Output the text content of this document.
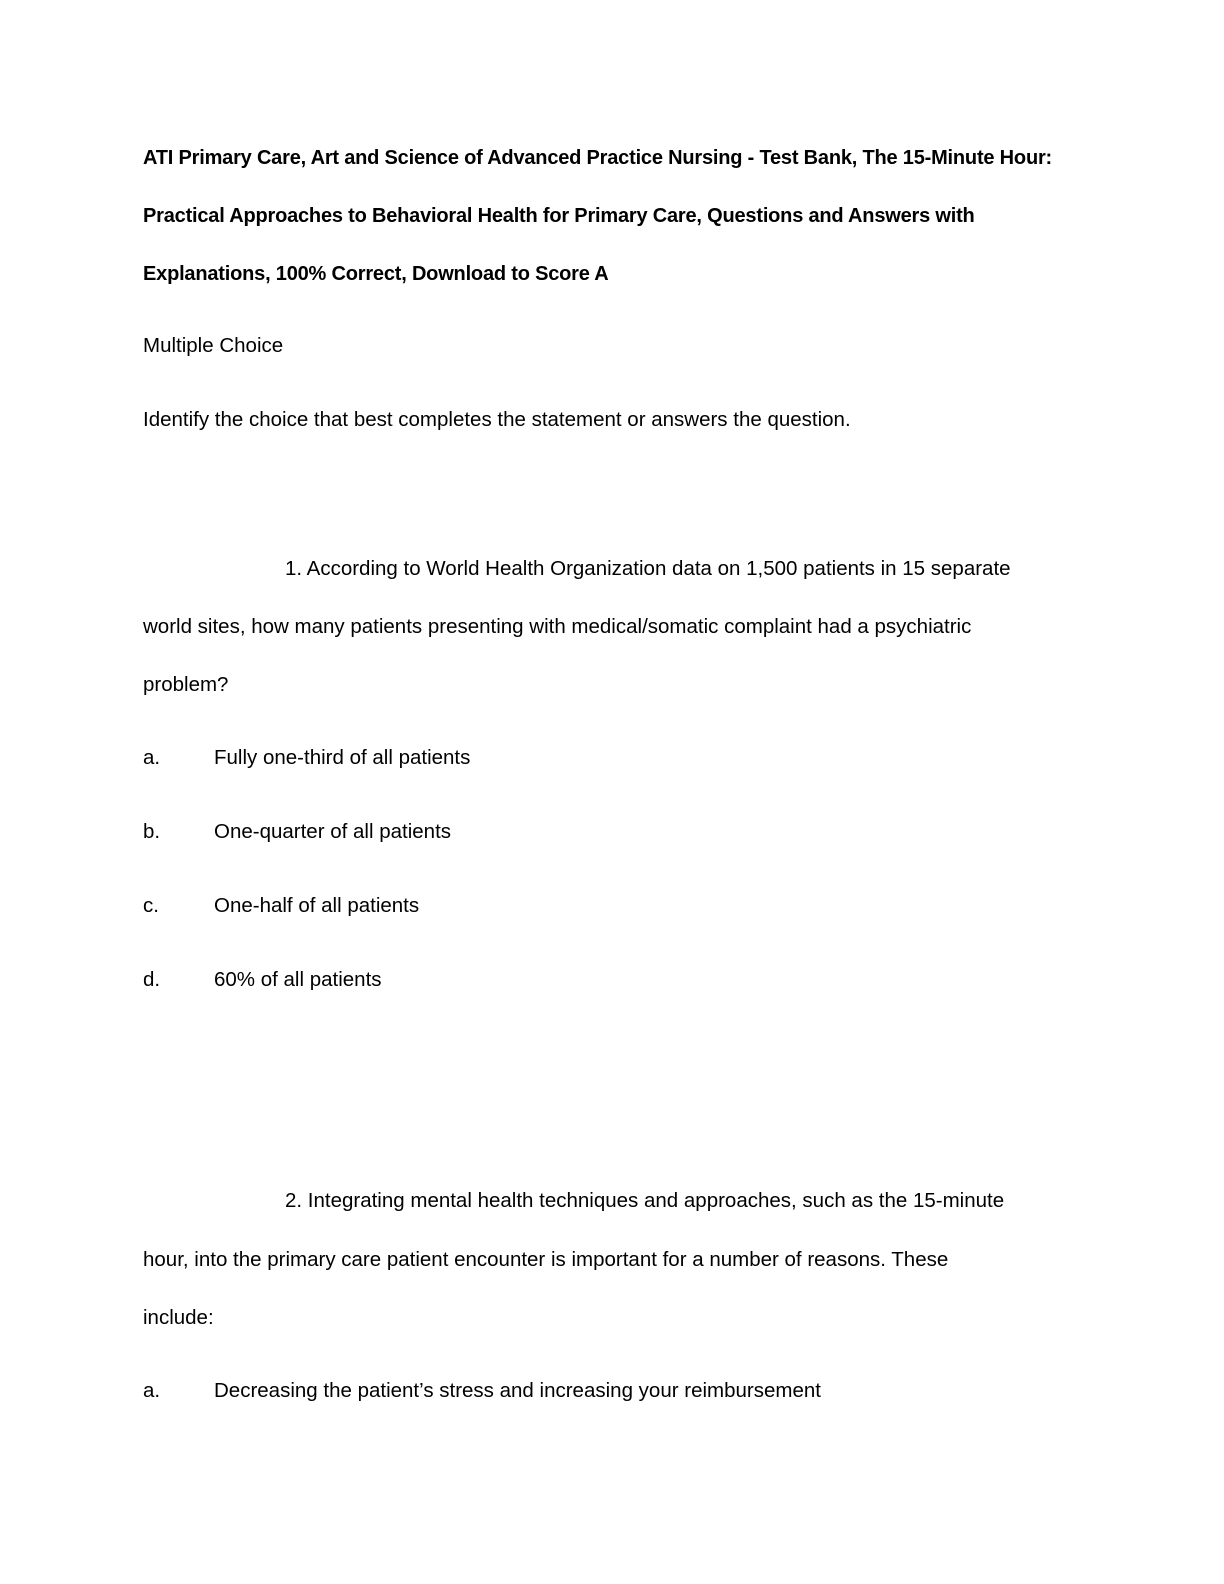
ATI Primary Care, Art and Science of Advanced Practice Nursing - Test Bank, The 15-Minute Hour: Practical Approaches to Behavioral Health for Primary Care, Questions and Answers with Explanations, 100% Correct, Download to Score A
Multiple Choice
Identify the choice that best completes the statement or answers the question.
1. According to World Health Organization data on 1,500 patients in 15 separate
world sites, how many patients presenting with medical/somatic complaint had a psychiatric
problem?
a.	Fully one-third of all patients
b.	One-quarter of all patients
c.	One-half of all patients
d.	60% of all patients
2. Integrating mental health techniques and approaches, such as the 15-minute
hour, into the primary care patient encounter is important for a number of reasons. These
include:
a.	Decreasing the patient’s stress and increasing your reimbursement
